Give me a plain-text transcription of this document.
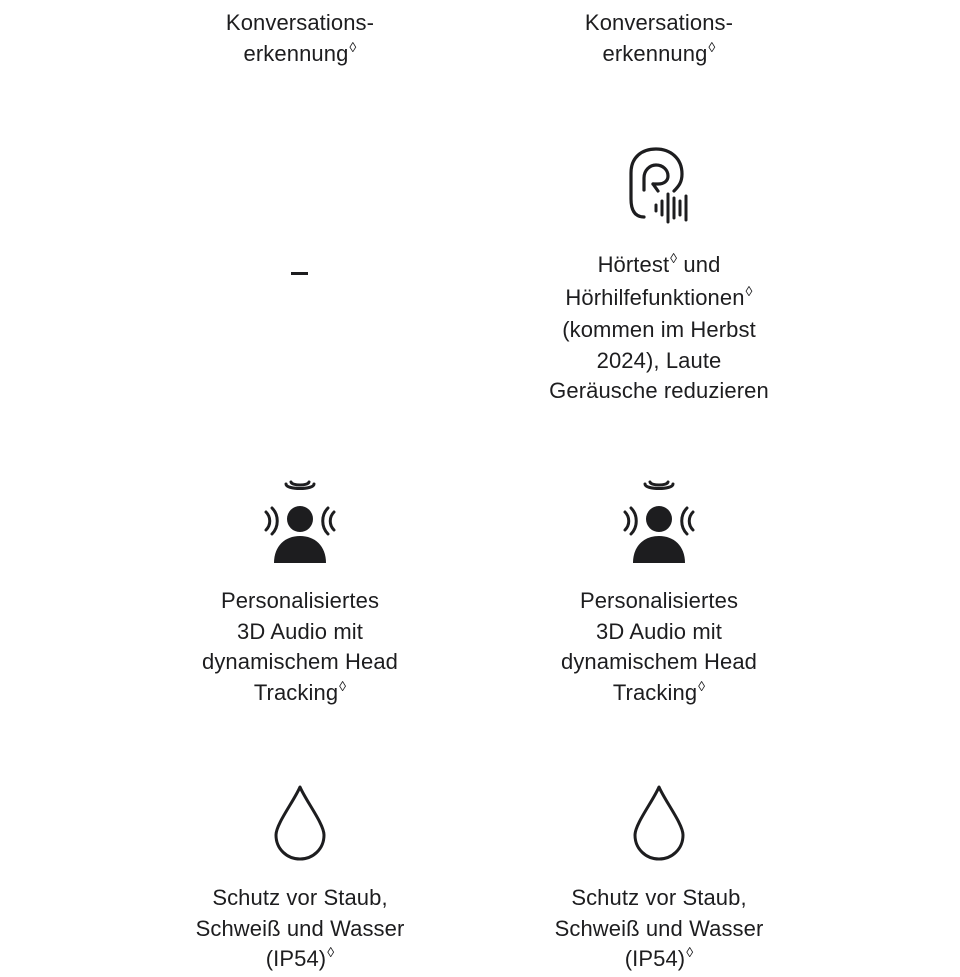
Konversations-
erkennung◊
Konversations-
erkennung◊
Hörtest◊ und
Hörhilfefunktionen◊
(kommen im Herbst
2024), Laute
Geräusche reduzieren
Personalisiertes
3D Audio mit
dynamischem Head
Tracking◊
Personalisiertes
3D Audio mit
dynamischem Head
Tracking◊
Schutz vor Staub,
Schweiß und Wasser
(IP54)◊
Schutz vor Staub,
Schweiß und Wasser
(IP54)◊
